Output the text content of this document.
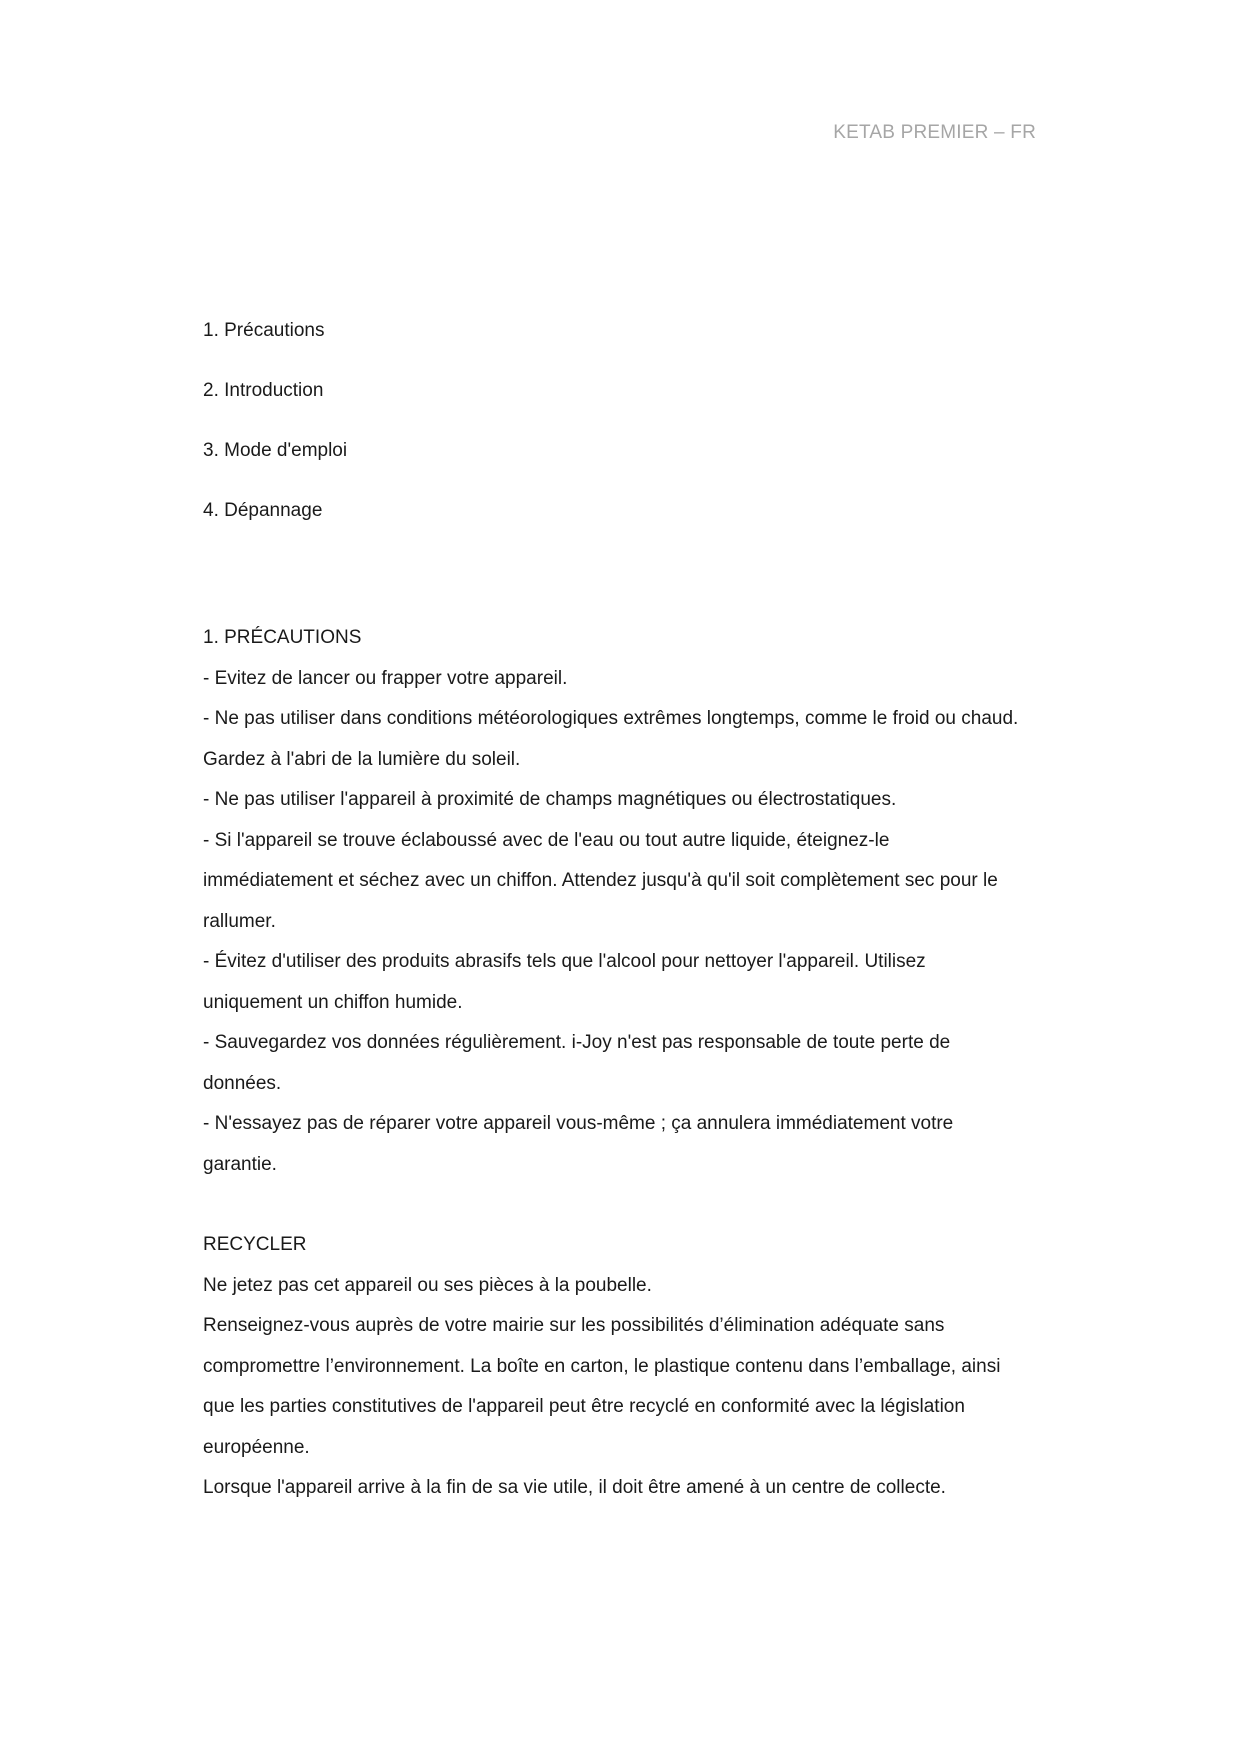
KETAB PREMIER – FR
1. Précautions
2. Introduction
3. Mode d'emploi
4. Dépannage
1. PRÉCAUTIONS

- Evitez de lancer ou frapper votre appareil.

- Ne pas utiliser dans conditions météorologiques extrêmes longtemps, comme le froid ou chaud. Gardez à l'abri de la lumière du soleil.

- Ne pas utiliser l'appareil à proximité de champs magnétiques ou électrostatiques.

- Si l'appareil se trouve éclaboussé avec de l'eau ou tout autre liquide, éteignez-le immédiatement et séchez avec un chiffon. Attendez jusqu'à qu'il soit complètement sec pour le rallumer.

- Évitez d'utiliser des produits abrasifs tels que l'alcool pour nettoyer l'appareil. Utilisez uniquement un chiffon humide.

- Sauvegardez vos données régulièrement. i-Joy n'est pas responsable de toute perte de données.

- N'essayez pas de réparer votre appareil vous-même ; ça annulera immédiatement votre garantie.

RECYCLER

Ne jetez pas cet appareil ou ses pièces à la poubelle.

Renseignez-vous auprès de votre mairie sur les possibilités d’élimination adéquate sans compromettre l’environnement. La boîte en carton, le plastique contenu dans l’emballage, ainsi que les parties constitutives de l'appareil peut être recyclé en conformité avec la législation européenne.

Lorsque l'appareil arrive à la fin de sa vie utile, il doit être amené à un centre de collecte.
